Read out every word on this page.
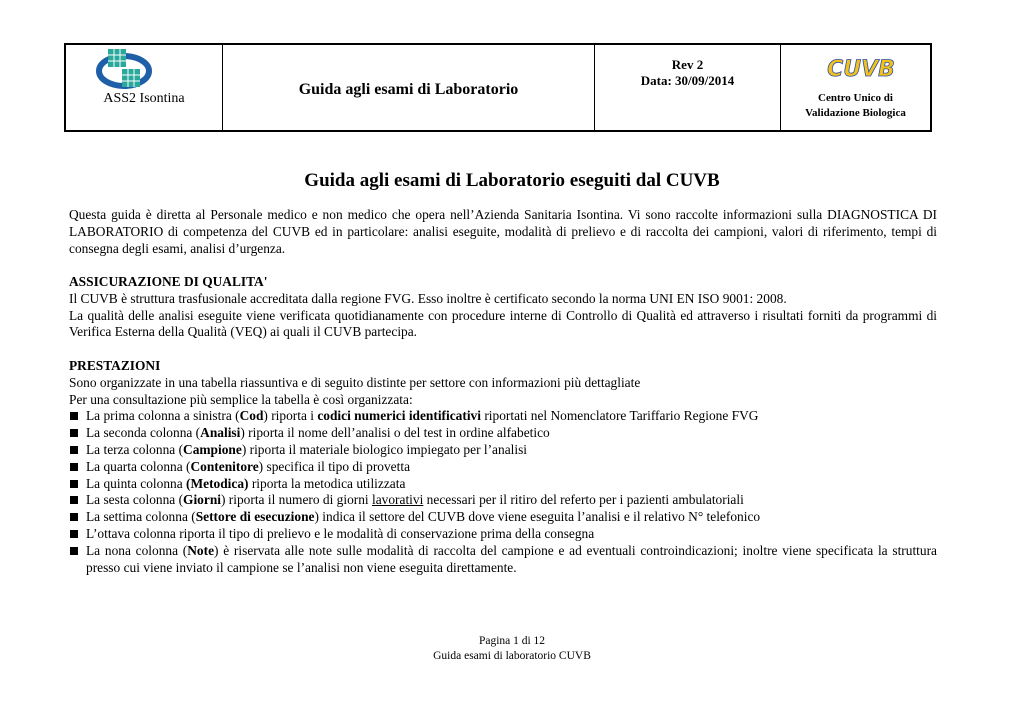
ASS2 Isontina
Guida agli esami di Laboratorio
Rev 2
Data: 30/09/2014	CUVB
Centro Unico di
Validazione Biologica
Guida agli esami di Laboratorio eseguiti dal CUVB

Questa guida è diretta al Personale medico e non medico che opera nell’Azienda Sanitaria Isontina. Vi sono raccolte informazioni sulla DIAGNOSTICA DI LABORATORIO di competenza del CUVB ed in particolare: analisi eseguite, modalità di prelievo e di raccolta dei campioni, valori di riferimento, tempi di consegna degli esami, analisi d’urgenza.

ASSICURAZIONE DI QUALITA'

Il CUVB è struttura trasfusionale accreditata dalla regione FVG. Esso inoltre è certificato secondo la norma UNI EN ISO 9001: 2008.

La qualità delle analisi eseguite viene verificata quotidianamente con procedure interne di Controllo di Qualità ed attraverso i risultati forniti da programmi di Verifica Esterna della Qualità (VEQ) ai quali il CUVB partecipa.

PRESTAZIONI

Sono organizzate in una tabella riassuntiva e di seguito distinte per settore con informazioni più dettagliate

Per una consultazione più semplice la tabella è così organizzata:

La prima colonna a sinistra (Cod) riporta i codici numerici identificativi riportati nel Nomenclatore Tariffario Regione FVG
La seconda colonna (Analisi) riporta il nome dell’analisi o del test in ordine alfabetico
La terza colonna (Campione) riporta il materiale biologico impiegato per l’analisi
La quarta colonna (Contenitore) specifica il tipo di provetta
La quinta colonna (Metodica) riporta la metodica utilizzata
La sesta colonna (Giorni) riporta il numero di giorni lavorativi necessari per il ritiro del referto per i pazienti ambulatoriali
La settima colonna (Settore di esecuzione) indica il settore del CUVB dove viene eseguita l’analisi e il relativo N° telefonico
L’ottava colonna riporta il tipo di prelievo e le modalità di conservazione prima della consegna
La nona colonna (Note) è riservata alle note sulle modalità di raccolta del campione e ad eventuali controindicazioni; inoltre viene specificata la struttura presso cui viene inviato il campione se l’analisi non viene eseguita direttamente.
Pagina 1 di 12
Guida esami di laboratorio CUVB
